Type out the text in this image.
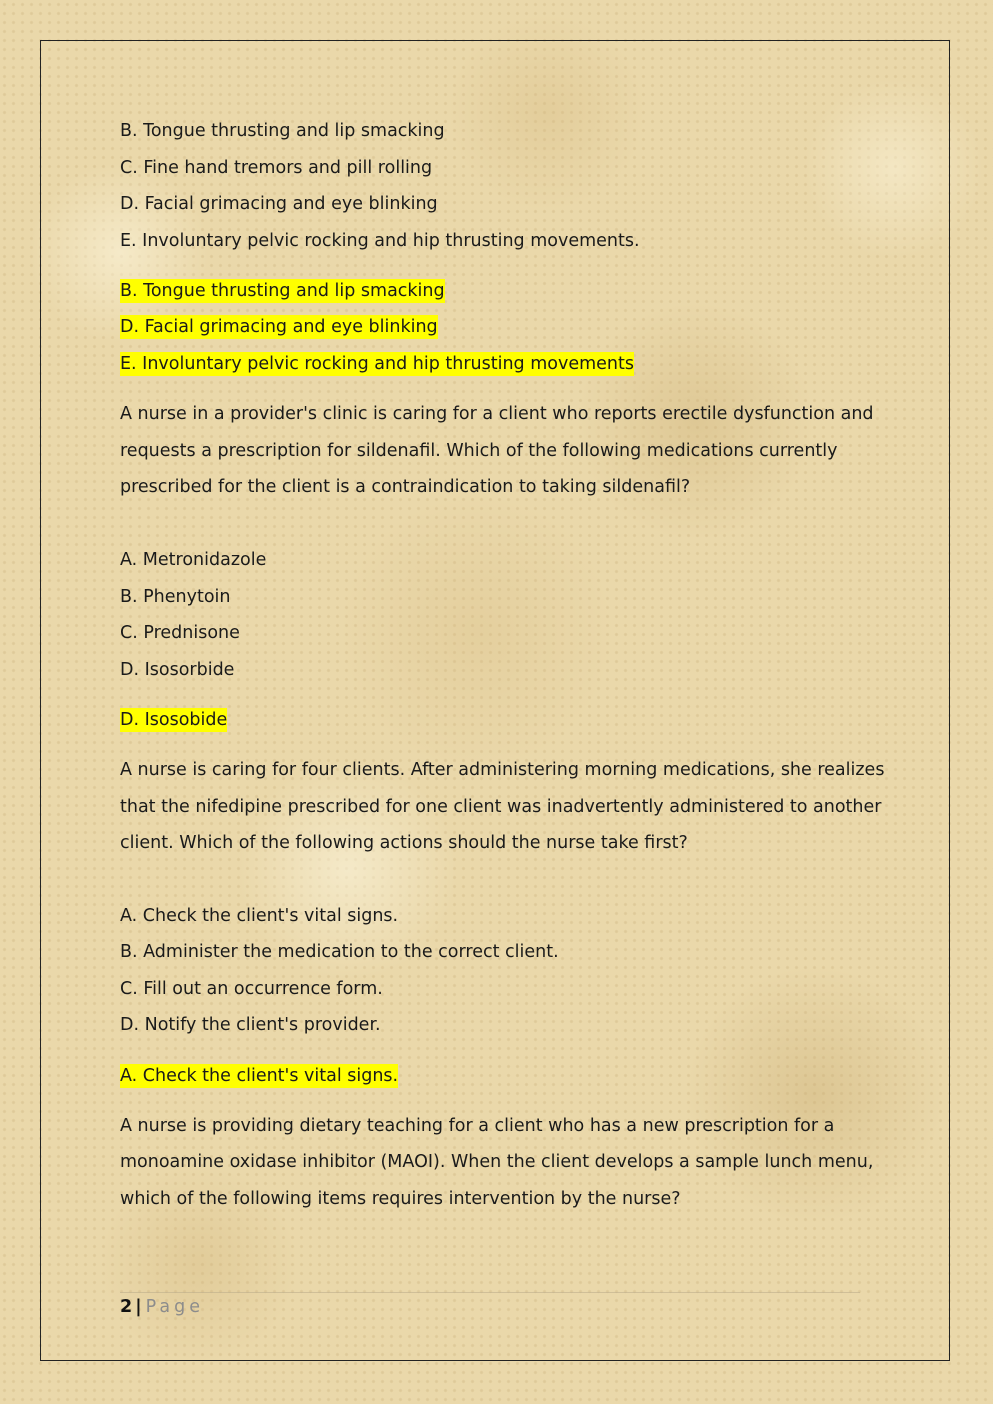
B. Tongue thrusting and lip smacking

C. Fine hand tremors and pill rolling

D. Facial grimacing and eye blinking

E. Involuntary pelvic rocking and hip thrusting movements.

B. Tongue thrusting and lip smacking

D. Facial grimacing and eye blinking

E. Involuntary pelvic rocking and hip thrusting movements

A nurse in a provider's clinic is caring for a client who reports erectile dysfunction and

requests a prescription for sildenafil. Which of the following medications currently

prescribed for the client is a contraindication to taking sildenafil?

A. Metronidazole

B. Phenytoin

C. Prednisone

D. Isosorbide

D. Isosobide

A nurse is caring for four clients. After administering morning medications, she realizes

that the nifedipine prescribed for one client was inadvertently administered to another

client. Which of the following actions should the nurse take first?

A. Check the client's vital signs.

B. Administer the medication to the correct client.

C. Fill out an occurrence form.

D. Notify the client's provider.

A. Check the client's vital signs.

A nurse is providing dietary teaching for a client who has a new prescription for a

monoamine oxidase inhibitor (MAOI). When the client develops a sample lunch menu,

which of the following items requires intervention by the nurse?

2 | Page
